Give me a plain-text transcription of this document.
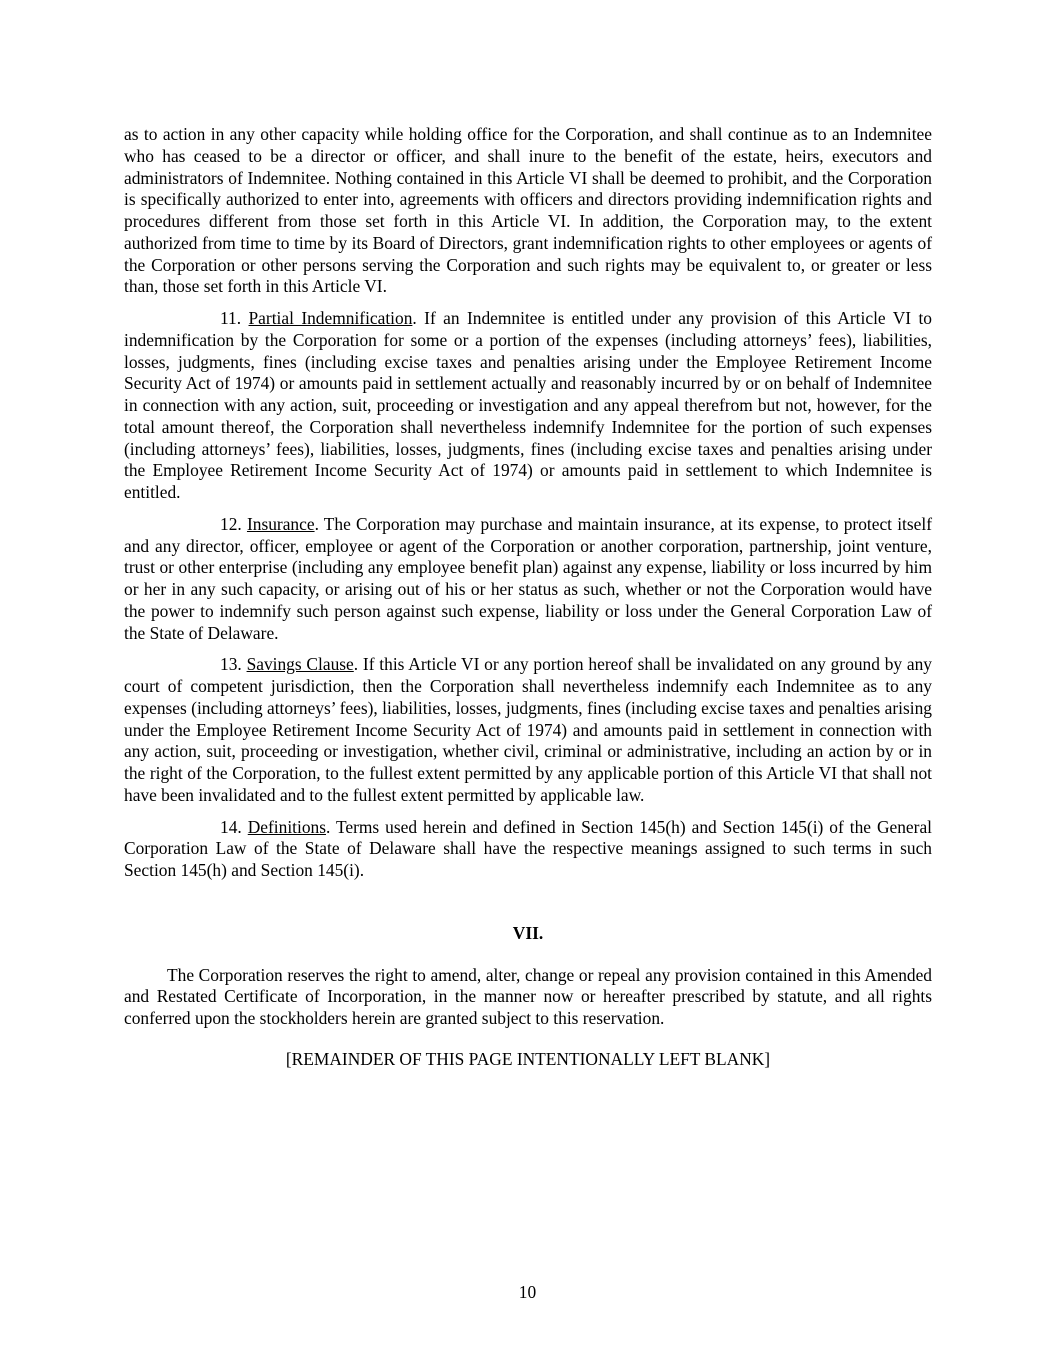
as to action in any other capacity while holding office for the Corporation, and shall continue as to an Indemnitee who has ceased to be a director or officer, and shall inure to the benefit of the estate, heirs, executors and administrators of Indemnitee. Nothing contained in this Article VI shall be deemed to prohibit, and the Corporation is specifically authorized to enter into, agreements with officers and directors providing indemnification rights and procedures different from those set forth in this Article VI. In addition, the Corporation may, to the extent authorized from time to time by its Board of Directors, grant indemnification rights to other employees or agents of the Corporation or other persons serving the Corporation and such rights may be equivalent to, or greater or less than, those set forth in this Article VI.

11. Partial Indemnification. If an Indemnitee is entitled under any provision of this Article VI to indemnification by the Corporation for some or a portion of the expenses (including attorneys’ fees), liabilities, losses, judgments, fines (including excise taxes and penalties arising under the Employee Retirement Income Security Act of 1974) or amounts paid in settlement actually and reasonably incurred by or on behalf of Indemnitee in connection with any action, suit, proceeding or investigation and any appeal therefrom but not, however, for the total amount thereof, the Corporation shall nevertheless indemnify Indemnitee for the portion of such expenses (including attorneys’ fees), liabilities, losses, judgments, fines (including excise taxes and penalties arising under the Employee Retirement Income Security Act of 1974) or amounts paid in settlement to which Indemnitee is entitled.

12. Insurance. The Corporation may purchase and maintain insurance, at its expense, to protect itself and any director, officer, employee or agent of the Corporation or another corporation, partnership, joint venture, trust or other enterprise (including any employee benefit plan) against any expense, liability or loss incurred by him or her in any such capacity, or arising out of his or her status as such, whether or not the Corporation would have the power to indemnify such person against such expense, liability or loss under the General Corporation Law of the State of Delaware.

13. Savings Clause. If this Article VI or any portion hereof shall be invalidated on any ground by any court of competent jurisdiction, then the Corporation shall nevertheless indemnify each Indemnitee as to any expenses (including attorneys’ fees), liabilities, losses, judgments, fines (including excise taxes and penalties arising under the Employee Retirement Income Security Act of 1974) and amounts paid in settlement in connection with any action, suit, proceeding or investigation, whether civil, criminal or administrative, including an action by or in the right of the Corporation, to the fullest extent permitted by any applicable portion of this Article VI that shall not have been invalidated and to the fullest extent permitted by applicable law.

14. Definitions. Terms used herein and defined in Section 145(h) and Section 145(i) of the General Corporation Law of the State of Delaware shall have the respective meanings assigned to such terms in such Section 145(h) and Section 145(i).

VII.

The Corporation reserves the right to amend, alter, change or repeal any provision contained in this Amended and Restated Certificate of Incorporation, in the manner now or hereafter prescribed by statute, and all rights conferred upon the stockholders herein are granted subject to this reservation.

[REMAINDER OF THIS PAGE INTENTIONALLY LEFT BLANK]

10
